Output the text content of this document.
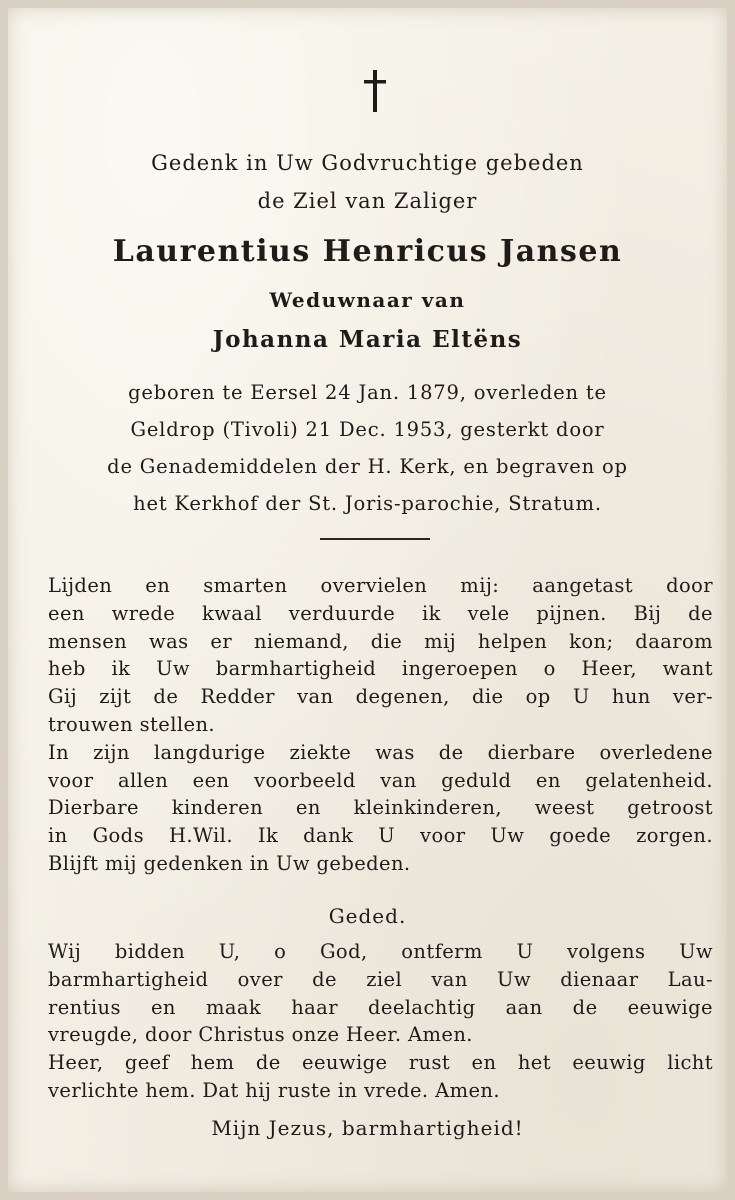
Gedenk in Uw Godvruchtige gebeden
de Ziel van Zaliger
Laurentius Henricus Jansen
Weduwnaar van
Johanna Maria Eltëns
geboren te Eersel 24 Jan. 1879, overleden te
Geldrop (Tivoli) 21 Dec. 1953, gesterkt door
de Genademiddelen der H. Kerk, en begraven op
het Kerkhof der St. Joris-parochie, Stratum.
Lijden en smarten overvielen mij: aangetast door
een wrede kwaal verduurde ik vele pijnen. Bij de
mensen was er niemand, die mij helpen kon; daarom
heb ik Uw barmhartigheid ingeroepen o Heer, want
Gij zijt de Redder van degenen, die op U hun ver-
trouwen stellen.
In zijn langdurige ziekte was de dierbare overledene
voor allen een voorbeeld van geduld en gelatenheid.
Dierbare kinderen en kleinkinderen, weest getroost
in Gods H.Wil. Ik dank U voor Uw goede zorgen.
Blijft mij gedenken in Uw gebeden.
Geded.
Wij bidden U, o God, ontferm U volgens Uw
barmhartigheid over de ziel van Uw dienaar Lau-
rentius en maak haar deelachtig aan de eeuwige
vreugde, door Christus onze Heer. Amen.
Heer, geef hem de eeuwige rust en het eeuwig licht
verlichte hem. Dat hij ruste in vrede. Amen.
Mijn Jezus, barmhartigheid!
